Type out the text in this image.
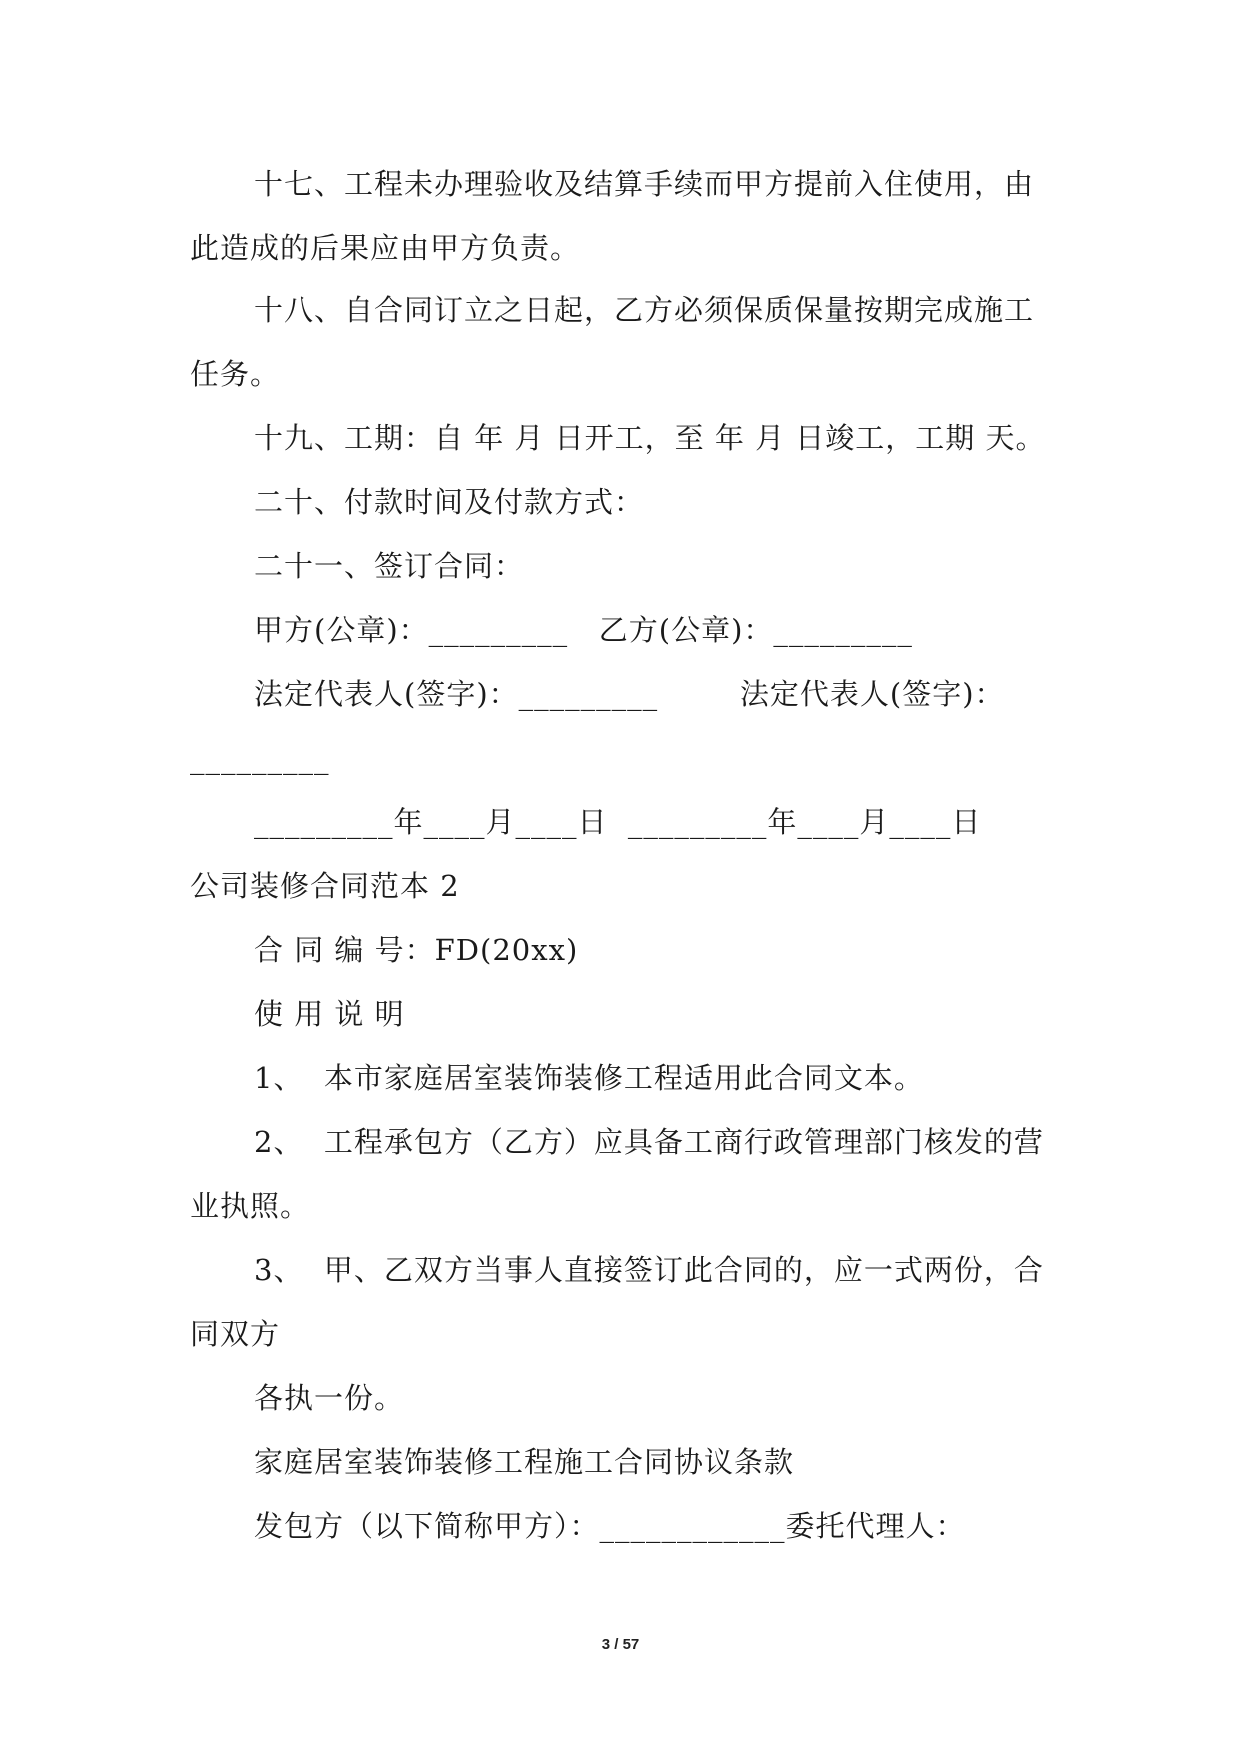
十七、工程未办理验收及结算手续而甲方提前入住使用，由
此造成的后果应由甲方负责。
十八、自合同订立之日起，乙方必须保质保量按期完成施工
任务。
十九、工期：自 年 月 日开工，至 年 月 日竣工，工期 天。
二十、付款时间及付款方式：
二十一、签订合同：
甲方(公章)：_________   乙方(公章)：_________
法定代表人(签字)：_________        法定代表人(签字)：
_________
_________年____月____日  _________年____月____日
公司装修合同范本 2
合 同 编 号：FD(20xx)
使 用 说 明
1、  本市家庭居室装饰装修工程适用此合同文本。
2、  工程承包方（乙方）应具备工商行政管理部门核发的营
业执照。
3、  甲、乙双方当事人直接签订此合同的，应一式两份，合
同双方
各执一份。
家庭居室装饰装修工程施工合同协议条款
发包方（以下简称甲方）：____________委托代理人：
3 / 57
